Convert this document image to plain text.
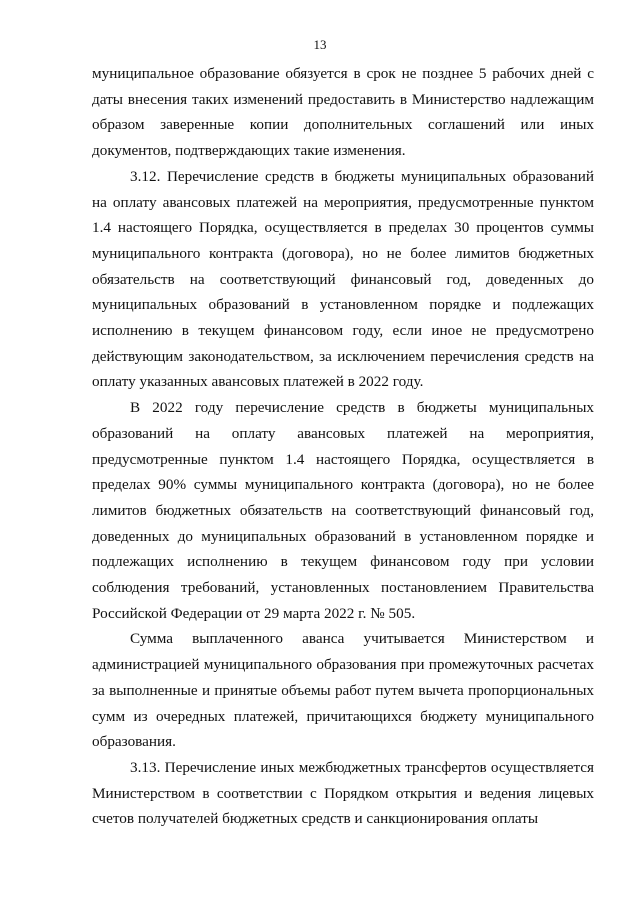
13

муниципальное образование обязуется в срок не позднее 5 рабочих дней с даты внесения таких изменений предоставить в Министерство надлежащим образом заверенные копии дополнительных соглашений или иных документов, подтверждающих такие изменения.

3.12. Перечисление средств в бюджеты муниципальных образований на оплату авансовых платежей на мероприятия, предусмотренные пунктом 1.4 настоящего Порядка, осуществляется в пределах 30 процентов суммы муниципального контракта (договора), но не более лимитов бюджетных обязательств на соответствующий финансовый год, доведенных до муниципальных образований в установленном порядке и подлежащих исполнению в текущем финансовом году, если иное не предусмотрено действующим законодательством, за исключением перечисления средств на оплату указанных авансовых платежей в 2022 году.

В 2022 году перечисление средств в бюджеты муниципальных образований на оплату авансовых платежей на мероприятия, предусмотренные пунктом 1.4 настоящего Порядка, осуществляется в пределах 90% суммы муниципального контракта (договора), но не более лимитов бюджетных обязательств на соответствующий финансовый год, доведенных до муниципальных образований в установленном порядке и подлежащих исполнению в текущем финансовом году при условии соблюдения требований, установленных постановлением Правительства Российской Федерации от 29 марта 2022 г. № 505.

Сумма выплаченного аванса учитывается Министерством и администрацией муниципального образования при промежуточных расчетах за выполненные и принятые объемы работ путем вычета пропорциональных сумм из очередных платежей, причитающихся бюджету муниципального образования.

3.13. Перечисление иных межбюджетных трансфертов осуществляется Министерством в соответствии с Порядком открытия и ведения лицевых счетов получателей бюджетных средств и санкционирования оплаты
